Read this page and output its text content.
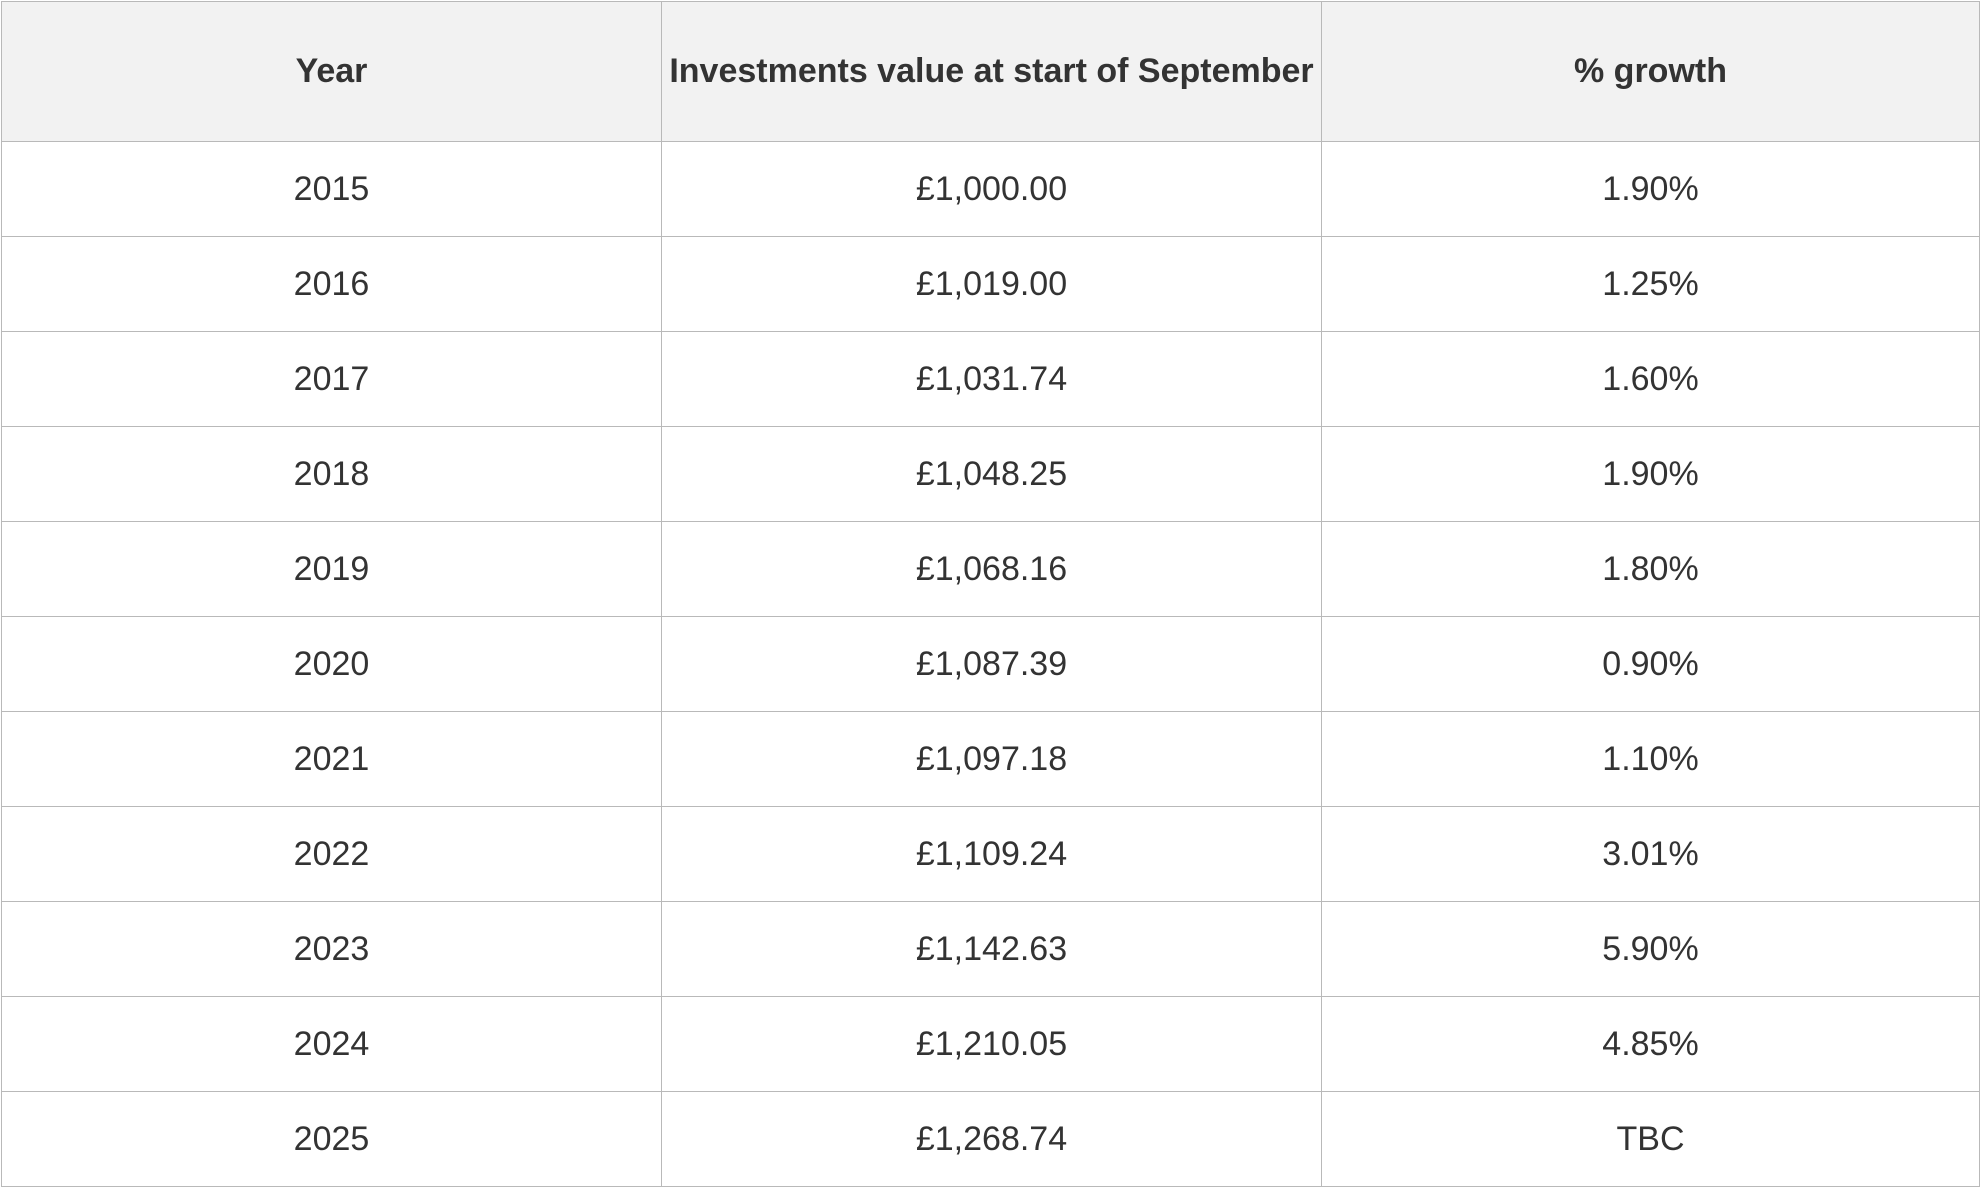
Year	Investments value at start of September	% growth
2015	£1,000.00	1.90%
2016	£1,019.00	1.25%
2017	£1,031.74	1.60%
2018	£1,048.25	1.90%
2019	£1,068.16	1.80%
2020	£1,087.39	0.90%
2021	£1,097.18	1.10%
2022	£1,109.24	3.01%
2023	£1,142.63	5.90%
2024	£1,210.05	4.85%
2025	£1,268.74	TBC
